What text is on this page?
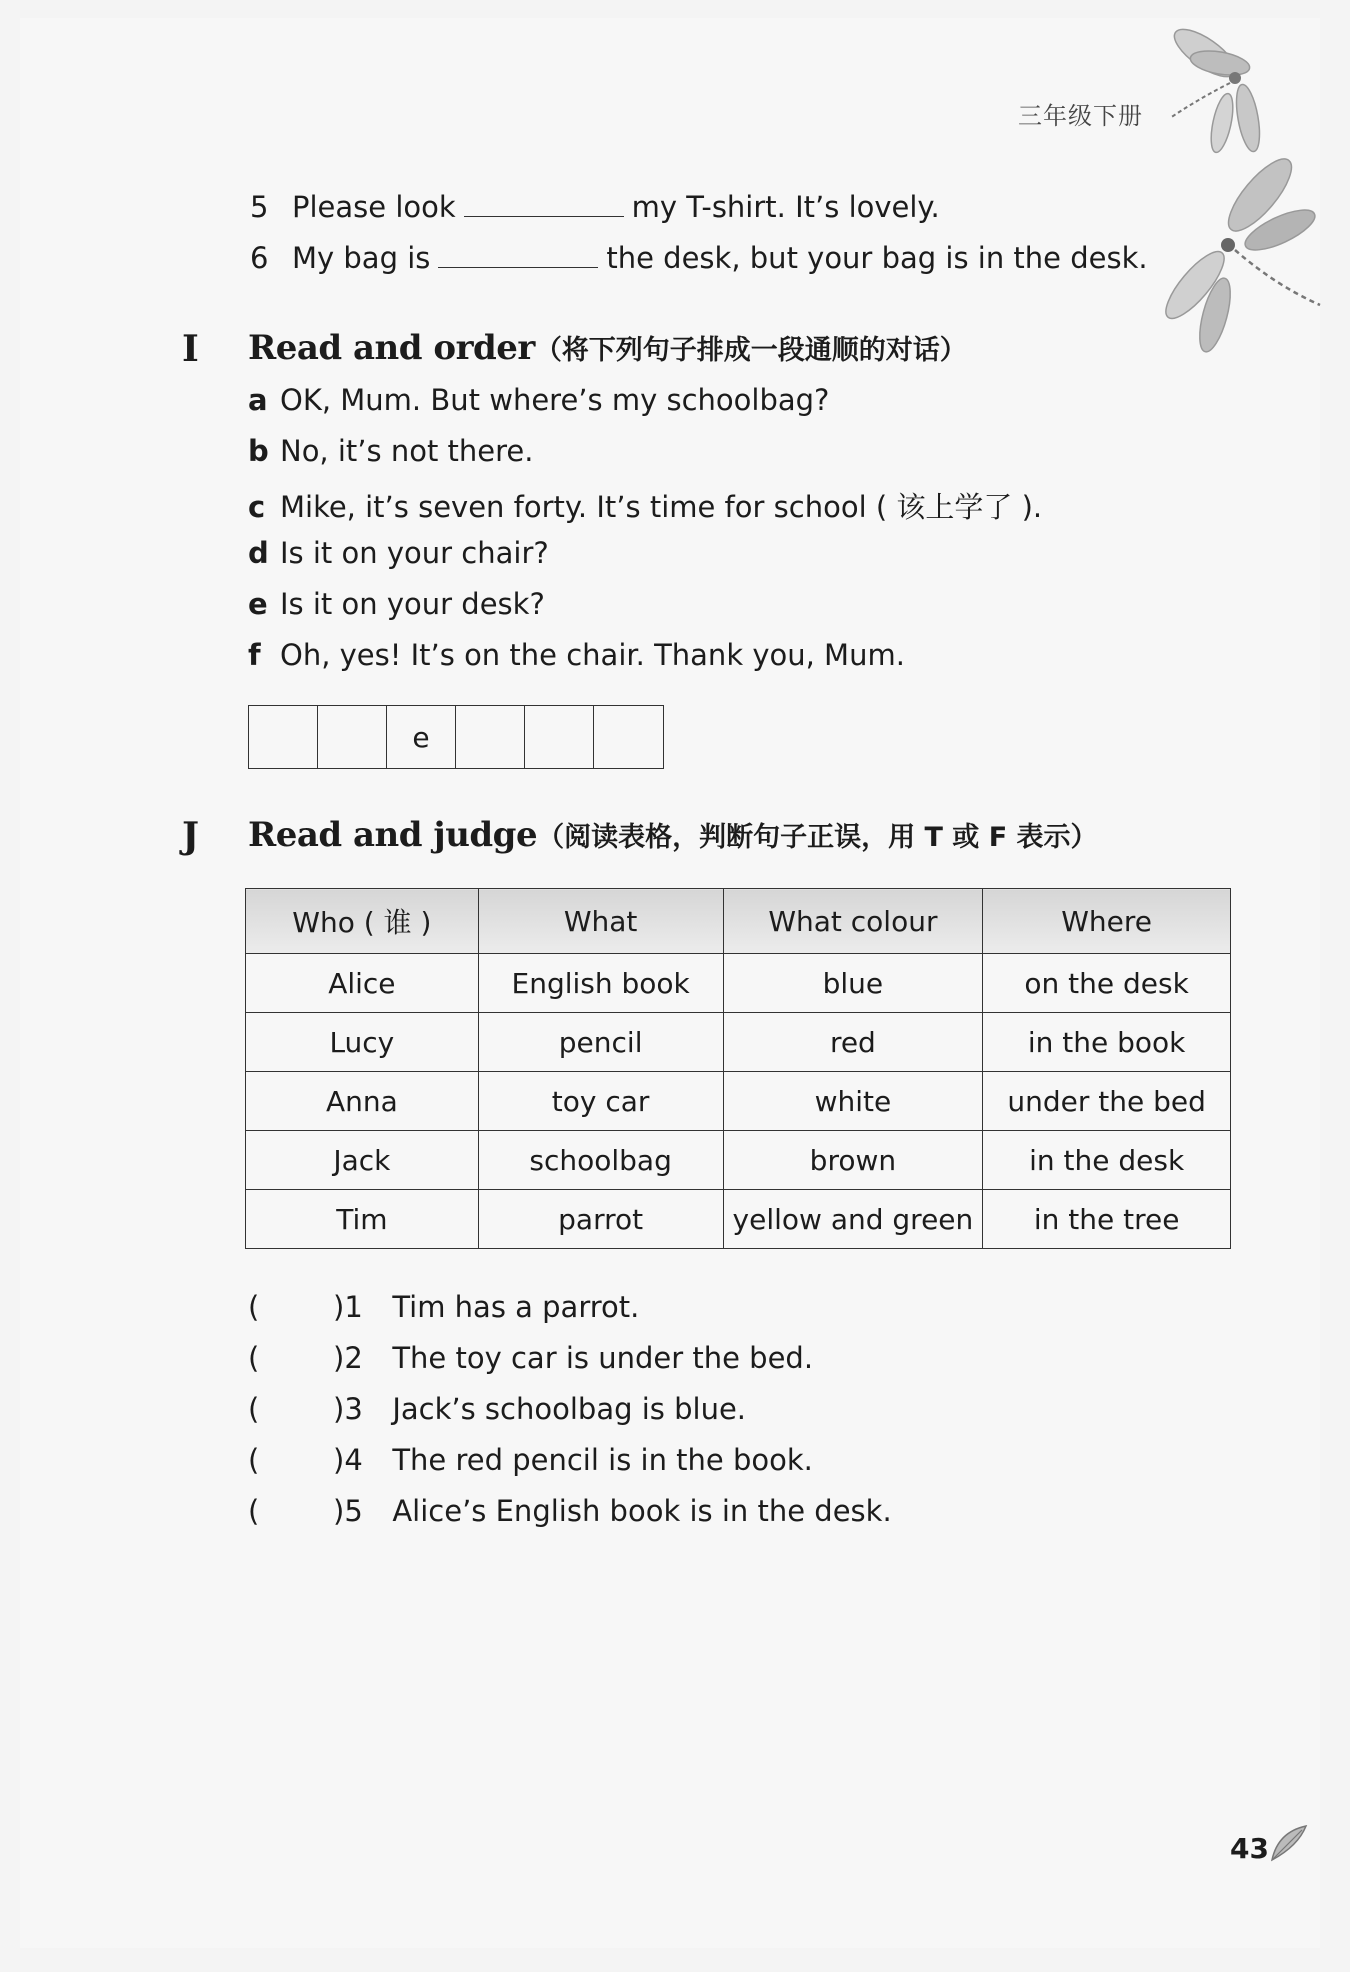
三年级下册
5 Please look	my T-shirt. It’s lovely.
6 My bag is	the desk, but your bag is in the desk.
I Read and order（将下列句子排成一段通顺的对话）
a OK, Mum. But where’s my schoolbag?
b No, it’s not there.
c Mike, it’s seven forty. It’s time for school ( 该上学了 ).
d Is it on your chair?
e Is it on your desk?
f Oh, yes! It’s on the chair. Thank you, Mum.
e
J Read and judge（阅读表格，判断句子正误，用 T 或 F 表示）
Who ( 谁 )	What	What colour	Where
Alice	English book	blue	on the desk
Lucy	pencil	red	in the book
Anna	toy car	white	under the bed
Jack	schoolbag	brown	in the desk
Tim	parrot	yellow and green	in the tree
(	)1 Tim has a parrot.
(	)2 The toy car is under the bed.
(	)3 Jack’s schoolbag is blue.
(	)4 The red pencil is in the book.
(	)5 Alice’s English book is in the desk.
43
